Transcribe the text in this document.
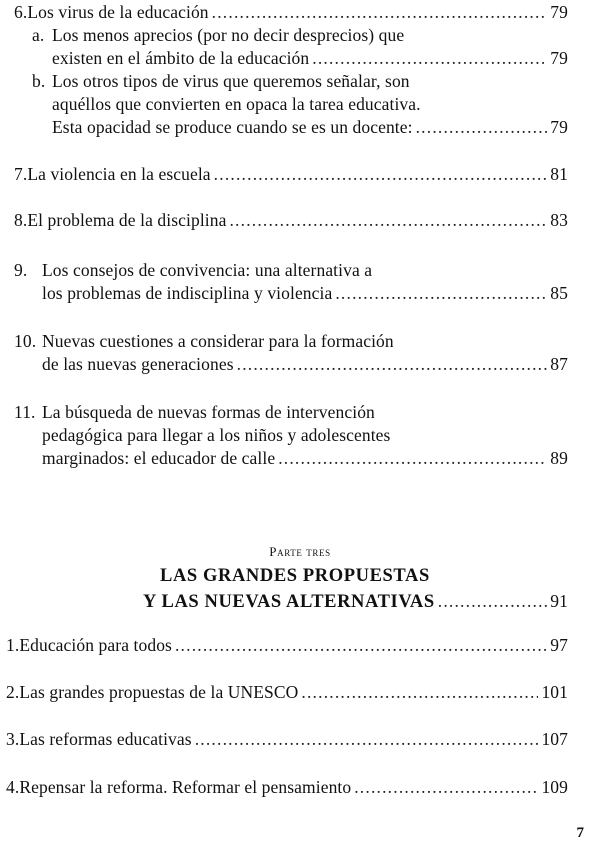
6. Los virus de la educación .....	79
a. Los menos aprecios (por no decir desprecios) que
existen en el ámbito de la educación .....	79
b. Los otros tipos de virus que queremos señalar, son
aquéllos que convierten en opaca la tarea educativa.
Esta opacidad se produce cuando se es un docente: .....	79
7. La violencia en la escuela .....	81
8. El problema de la disciplina .....	83
9. Los consejos de convivencia: una alternativa a
los problemas de indisciplina y violencia .....	85
10. Nuevas cuestiones a considerar para la formación
de las nuevas generaciones .....	87
11. La búsqueda de nuevas formas de intervención
pedagógica para llegar a los niños y adolescentes
marginados: el educador de calle .....	89
Parte tres
LAS GRANDES PROPUESTAS
Y LAS NUEVAS ALTERNATIVAS .....	91
1. Educación para todos .....	97
2. Las grandes propuestas de la UNESCO .....	101
3. Las reformas educativas .....	107
4. Repensar la reforma. Reformar el pensamiento .....	109
7
